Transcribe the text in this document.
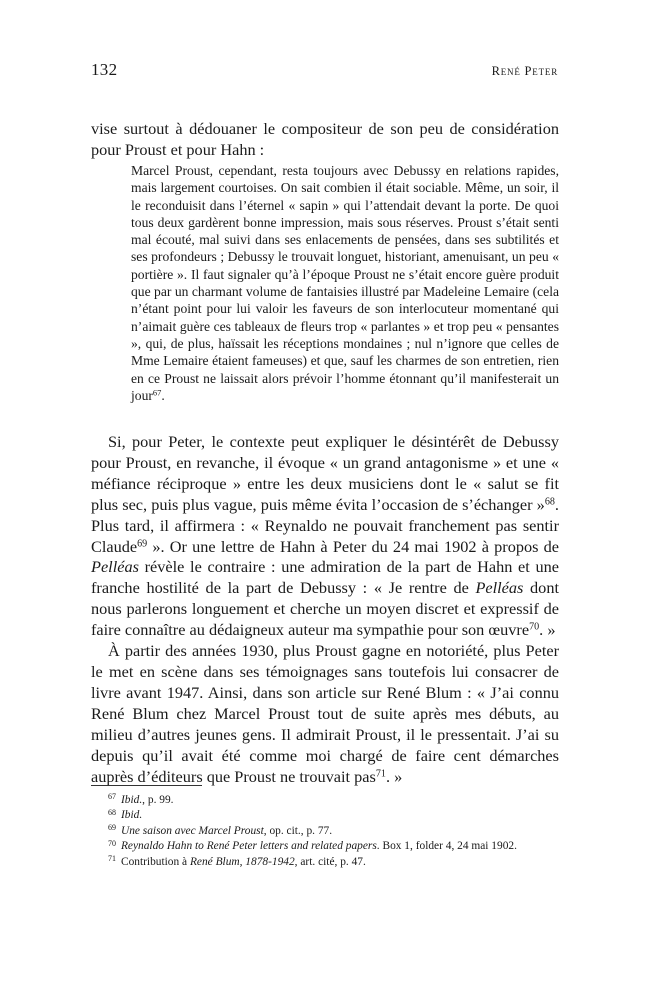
132	René Peter

vise surtout à dédouaner le compositeur de son peu de considération pour Proust et pour Hahn :

Marcel Proust, cependant, resta toujours avec Debussy en relations rapides, mais largement courtoises. On sait combien il était sociable. Même, un soir, il le reconduisit dans l’éternel « sapin » qui l’attendait devant la porte. De quoi tous deux gardèrent bonne impression, mais sous réserves. Proust s’était senti mal écouté, mal suivi dans ses enlacements de pensées, dans ses subtilités et ses profondeurs ; Debussy le trouvait longuet, historiant, amenuisant, un peu « portière ». Il faut signaler qu’à l’époque Proust ne s’était encore guère produit que par un charmant volume de fantaisies illustré par Madeleine Lemaire (cela n’étant point pour lui valoir les faveurs de son interlocuteur momentané qui n’aimait guère ces tableaux de fleurs trop « parlantes » et trop peu « pensantes », qui, de plus, haïssait les réceptions mondaines ; nul n’ignore que celles de Mme Lemaire étaient fameuses) et que, sauf les charmes de son entretien, rien en ce Proust ne laissait alors prévoir l’homme étonnant qu’il manifesterait un jour$^{67}$.

Si, pour Peter, le contexte peut expliquer le désintérêt de Debussy pour Proust, en revanche, il évoque « un grand antagonisme » et une « méfiance réciproque » entre les deux musiciens dont le « salut se fit plus sec, puis plus vague, puis même évita l’occasion de s’échanger »$^{68}$. Plus tard, il affirmera : « Reynaldo ne pouvait franchement pas sentir Claude$^{69}$ ». Or une lettre de Hahn à Peter du 24 mai 1902 à propos de Pelléas révèle le contraire : une admiration de la part de Hahn et une franche hostilité de la part de Debussy : « Je rentre de Pelléas dont nous parlerons longuement et cherche un moyen discret et expressif de faire connaître au dédaigneux auteur ma sympathie pour son œuvre$^{70}$. »

À partir des années 1930, plus Proust gagne en notoriété, plus Peter le met en scène dans ses témoignages sans toutefois lui consacrer de livre avant 1947. Ainsi, dans son article sur René Blum : « J’ai connu René Blum chez Marcel Proust tout de suite après mes débuts, au milieu d’autres jeunes gens. Il admirait Proust, il le pressentait. J’ai su depuis qu’il avait été comme moi chargé de faire cent démarches auprès d’éditeurs que Proust ne trouvait pas$^{71}$. »

$^{67}$ Ibid., p. 99.

$^{68}$ Ibid.

$^{69}$ Une saison avec Marcel Proust, op. cit., p. 77.

$^{70}$ Reynaldo Hahn to René Peter letters and related papers. Box 1, folder 4, 24 mai 1902.

$^{71}$ Contribution à René Blum, 1878-1942, art. cité, p. 47.
